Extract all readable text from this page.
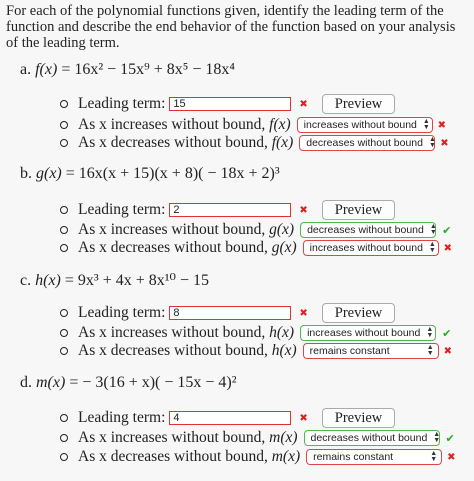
For each of the polynomial functions given, identify the leading term of the function and describe the end behavior of the function based on your analysis of the leading term.
a. f(x) = 16x² − 15x⁹ + 8x⁵ − 18x⁴
Leading term: 15	✖	Preview
As x increases without bound,
f(x) increases without bound ▲
▼ ✖
As x decreases without bound,
f(x) decreases without bound ▲
▼ ✖
b. g(x) = 16x(x + 15)(x + 8)( − 18x + 2)³
Leading term: 2	✖	Preview
As x increases without bound,
g(x) decreases without bound ▲
▼ ✔
As x decreases without bound,
g(x) increases without bound ▲
▼ ✖
c. h(x) = 9x³ + 4x + 8x¹⁰ − 15
Leading term: 8	✖	Preview
As x increases without bound,
h(x) increases without bound ▲
▼ ✔
As x decreases without bound,
h(x) remains constant	▲
▼ ✖
d. m(x) = − 3(16 + x)( − 15x − 4)²
Leading term: 4	✖	Preview
As x increases without bound,
m(x) decreases without bound ▲
▼ ✔
As x decreases without bound,
m(x) remains constant	▲
▼ ✖
